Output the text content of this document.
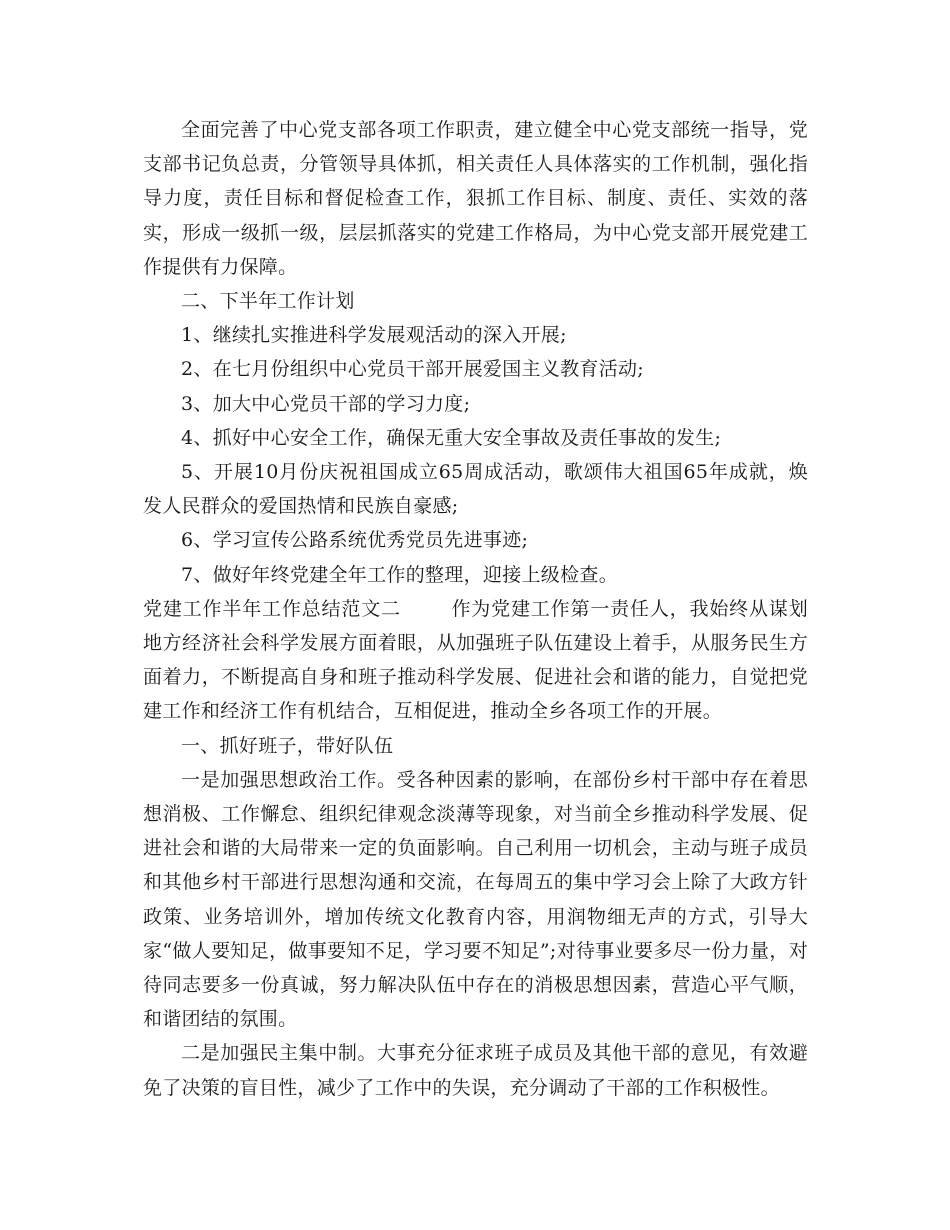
全面完善了中心党支部各项工作职责，建立健全中心党支部统一指导，党支部书记负总责，分管领导具体抓，相关责任人具体落实的工作机制，强化指导力度，责任目标和督促检查工作，狠抓工作目标、制度、责任、实效的落实，形成一级抓一级，层层抓落实的党建工作格局，为中心党支部开展党建工作提供有力保障。

二、下半年工作计划

1、继续扎实推进科学发展观活动的深入开展;

2、在七月份组织中心党员干部开展爱国主义教育活动;

3、加大中心党员干部的学习力度;

4、抓好中心安全工作，确保无重大安全事故及责任事故的发生;

5、开展10月份庆祝祖国成立65周成活动，歌颂伟大祖国65年成就，焕发人民群众的爱国热情和民族自豪感;

6、学习宣传公路系统优秀党员先进事迹;

7、做好年终党建全年工作的整理，迎接上级检查。

党建工作半年工作总结范文二	作为党建工作第一责任人，我始终从谋划地方经济社会科学发展方面着眼，从加强班子队伍建设上着手，从服务民生方面着力，不断提高自身和班子推动科学发展、促进社会和谐的能力，自觉把党建工作和经济工作有机结合，互相促进，推动全乡各项工作的开展。

一、抓好班子，带好队伍

一是加强思想政治工作。受各种因素的影响，在部份乡村干部中存在着思想消极、工作懈怠、组织纪律观念淡薄等现象，对当前全乡推动科学发展、促进社会和谐的大局带来一定的负面影响。自己利用一切机会，主动与班子成员和其他乡村干部进行思想沟通和交流，在每周五的集中学习会上除了大政方针政策、业务培训外，增加传统文化教育内容，用润物细无声的方式，引导大家“做人要知足，做事要知不足，学习要不知足”;对待事业要多尽一份力量，对待同志要多一份真诚，努力解决队伍中存在的消极思想因素，营造心平气顺，和谐团结的氛围。

二是加强民主集中制。大事充分征求班子成员及其他干部的意见，有效避免了决策的盲目性，减少了工作中的失误，充分调动了干部的工作积极性。
